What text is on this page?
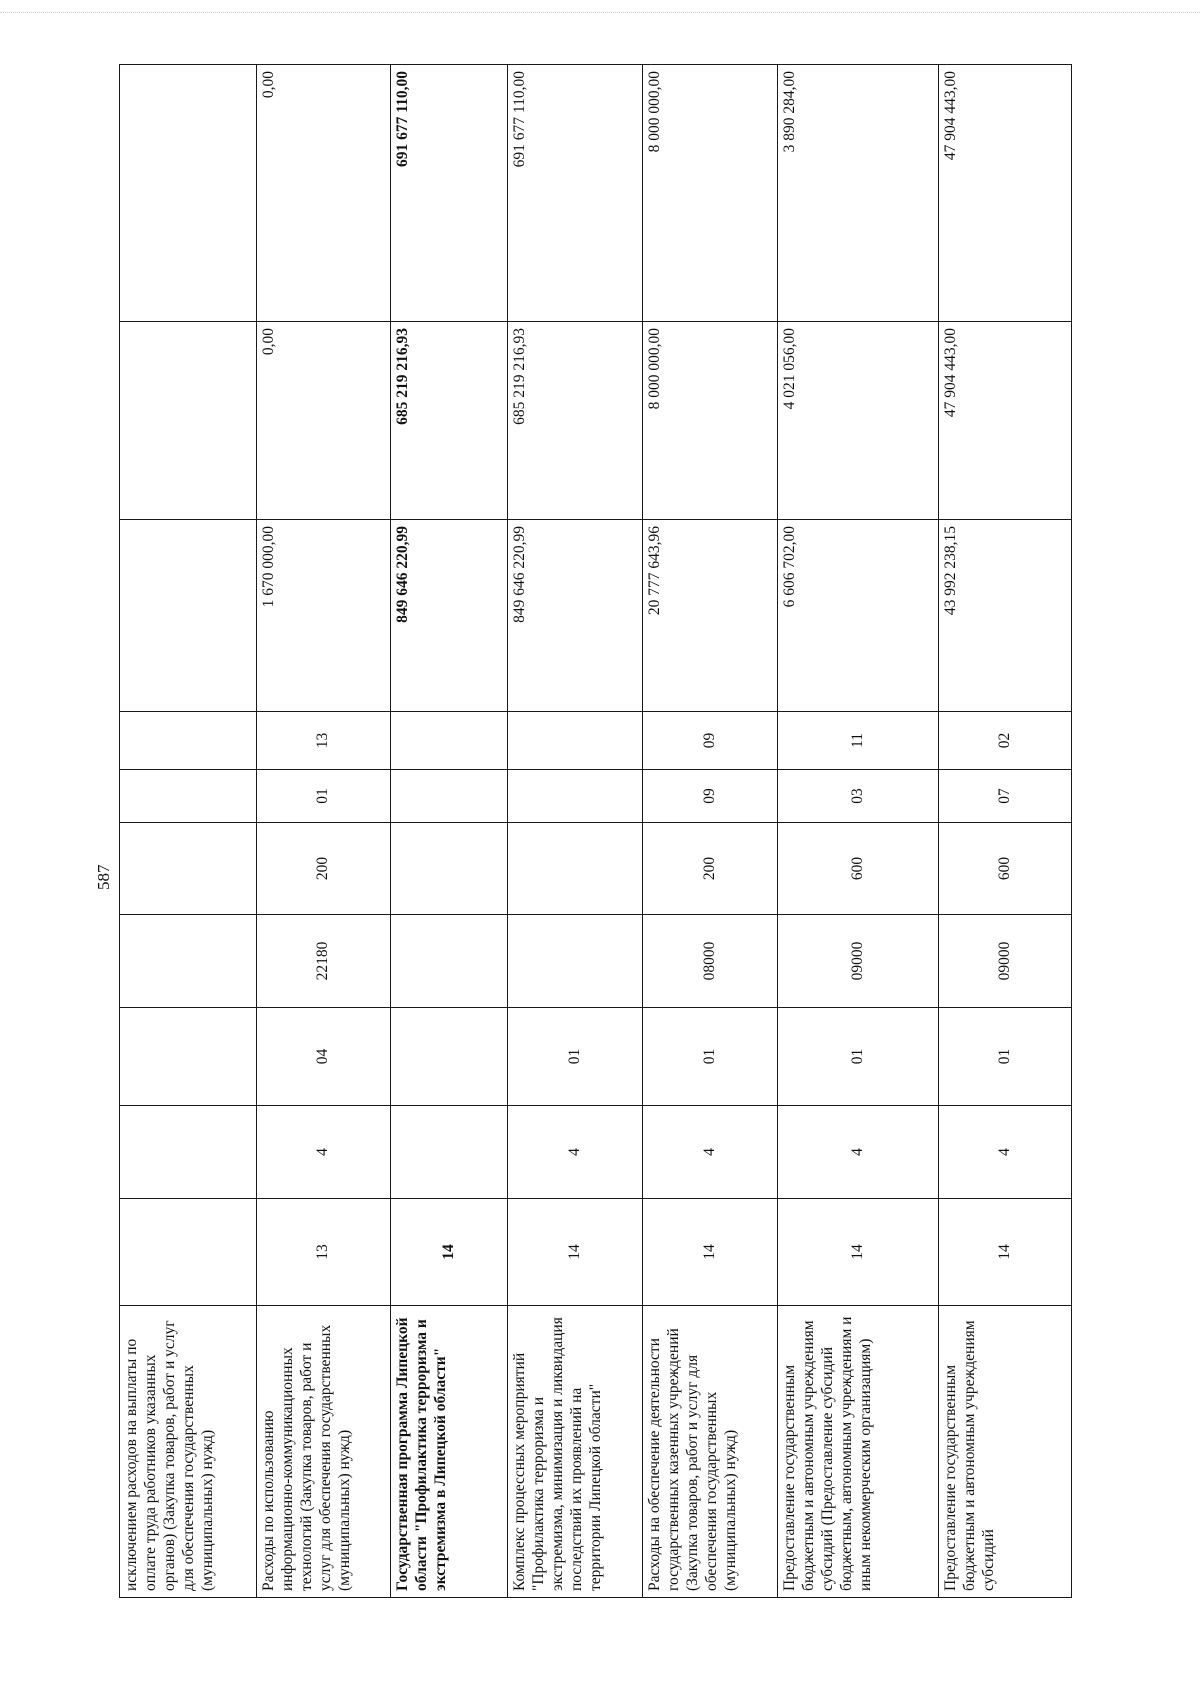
587
исключением расходов на выплаты по оплате труда работников указанных органов) (Закупка товаров, работ и услуг для обеспечения государственных (муниципальных) нужд)										
Расходы по использованию информационно-коммуникационных технологий (Закупка товаров, работ и услуг для обеспечения государственных (муниципальных) нужд)	13	4	04	22180	200	01	13	1 670 000,00	0,00	0,00
Государственная программа Липецкой области "Профилактика терроризма и экстремизма в Липецкой области"	14							849 646 220,99	685 219 216,93	691 677 110,00
Комплекс процессных мероприятий "Профилактика терроризма и экстремизма, минимизация и ликвидация последствий их проявлений на территории Липецкой области"	14	4	01					849 646 220,99	685 219 216,93	691 677 110,00
Расходы на обеспечение деятельности государственных казенных учреждений (Закупка товаров, работ и услуг для обеспечения государственных (муниципальных) нужд)	14	4	01	08000	200	09	09	20 777 643,96	8 000 000,00	8 000 000,00
Предоставление государственным бюджетным и автономным учреждениям субсидий (Предоставление субсидий бюджетным, автономным учреждениям и иным некоммерческим организациям)	14	4	01	09000	600	03	11	6 606 702,00	4 021 056,00	3 890 284,00
Предоставление государственным бюджетным и автономным учреждениям субсидий	14	4	01	09000	600	07	02	43 992 238,15	47 904 443,00	47 904 443,00
